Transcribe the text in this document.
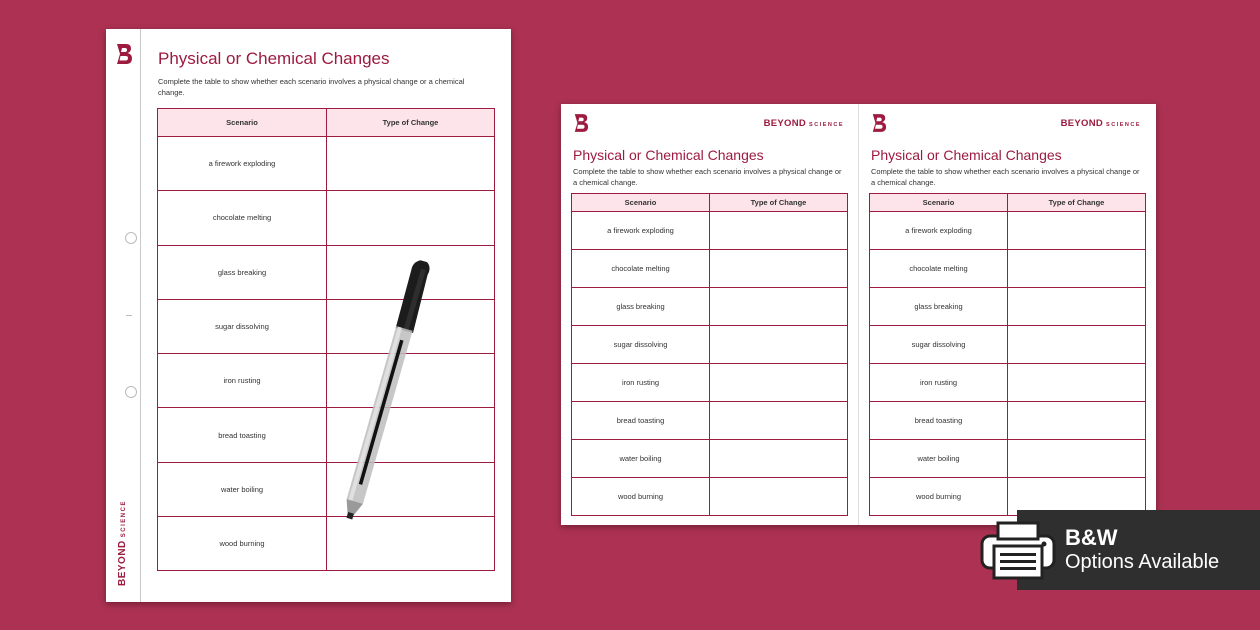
BEYONDSCIENCE
Physical or Chemical Changes
Complete the table to show whether each scenario involves a physical change or a chemical change.
Scenario	Type of Change
a firework exploding	
chocolate melting	
glass breaking	
sugar dissolving	
iron rusting	
bread toasting	
water boiling	
wood burning	
BEYOND SCIENCE
Physical or Chemical Changes
Complete the table to show whether each scenario involves a physical change or a chemical change.
Scenario	Type of Change
a firework exploding	
chocolate melting	
glass breaking	
sugar dissolving	
iron rusting	
bread toasting	
water boiling	
wood burning	
BEYOND SCIENCE
Physical or Chemical Changes
Complete the table to show whether each scenario involves a physical change or a chemical change.
Scenario	Type of Change
a firework exploding	
chocolate melting	
glass breaking	
sugar dissolving	
iron rusting	
bread toasting	
water boiling	
wood burning	
B&W
Options Available
